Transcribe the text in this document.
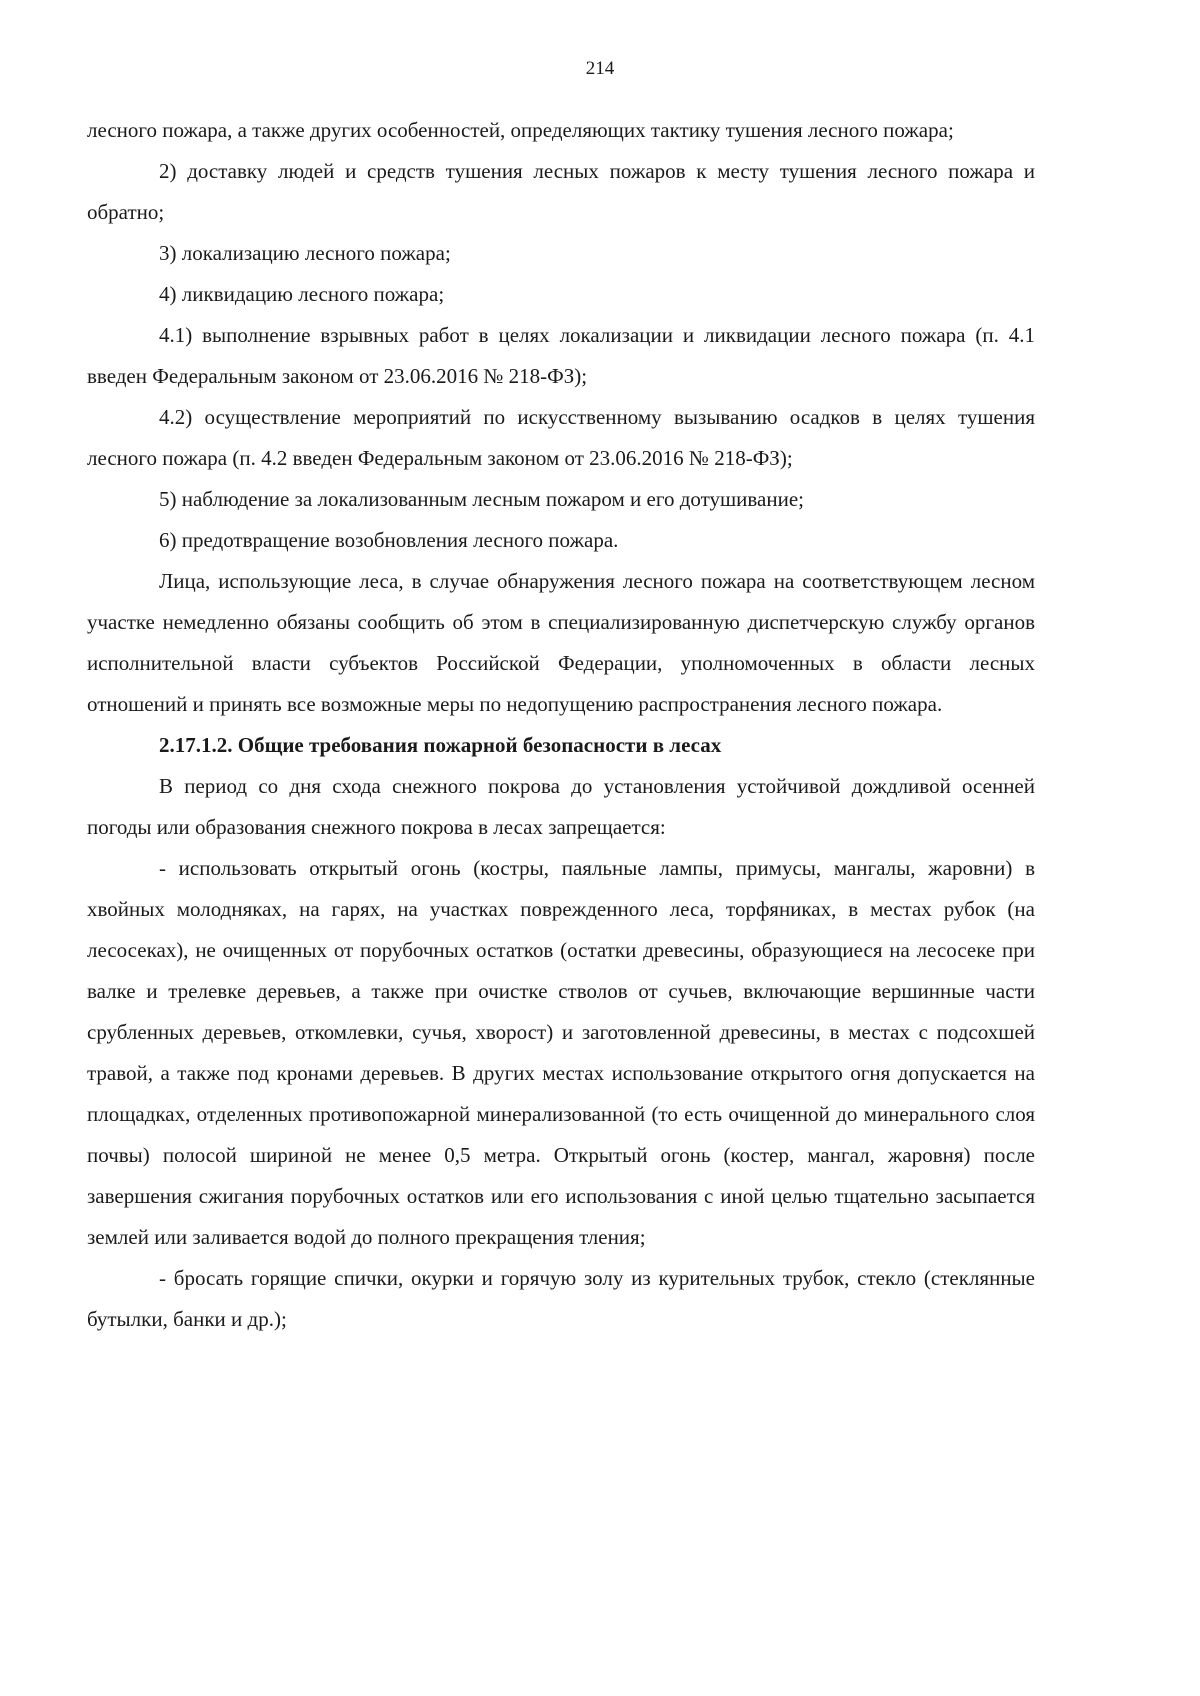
214

лесного пожара, а также других особенностей, определяющих тактику тушения лесного пожара;

2) доставку людей и средств тушения лесных пожаров к месту тушения лесного пожара и обратно;

3) локализацию лесного пожара;

4) ликвидацию лесного пожара;

4.1) выполнение взрывных работ в целях локализации и ликвидации лесного пожара (п. 4.1 введен Федеральным законом от 23.06.2016 № 218-ФЗ);

4.2) осуществление мероприятий по искусственному вызыванию осадков в целях тушения лесного пожара (п. 4.2 введен Федеральным законом от 23.06.2016 № 218-ФЗ);

5) наблюдение за локализованным лесным пожаром и его дотушивание;

6) предотвращение возобновления лесного пожара.

Лица, использующие леса, в случае обнаружения лесного пожара на соответствующем лесном участке немедленно обязаны сообщить об этом в специализированную диспетчерскую службу органов исполнительной власти субъектов Российской Федерации, уполномоченных в области лесных отношений и принять все возможные меры по недопущению распространения лесного пожара.

2.17.1.2. Общие требования пожарной безопасности в лесах

В период со дня схода снежного покрова до установления устойчивой дождливой осенней погоды или образования снежного покрова в лесах запрещается:

- использовать открытый огонь (костры, паяльные лампы, примусы, мангалы, жаровни) в хвойных молодняках, на гарях, на участках поврежденного леса, торфяниках, в местах рубок (на лесосеках), не очищенных от порубочных остатков (остатки древесины, образующиеся на лесосеке при валке и трелевке деревьев, а также при очистке стволов от сучьев, включающие вершинные части срубленных деревьев, откомлевки, сучья, хворост) и заготовленной древесины, в местах с подсохшей травой, а также под кронами деревьев. В других местах использование открытого огня допускается на площадках, отделенных противопожарной минерализованной (то есть очищенной до минерального слоя почвы) полосой шириной не менее 0,5 метра. Открытый огонь (костер, мангал, жаровня) после завершения сжигания порубочных остатков или его использования с иной целью тщательно засыпается землей или заливается водой до полного прекращения тления;

- бросать горящие спички, окурки и горячую золу из курительных трубок, стекло (стеклянные бутылки, банки и др.);
